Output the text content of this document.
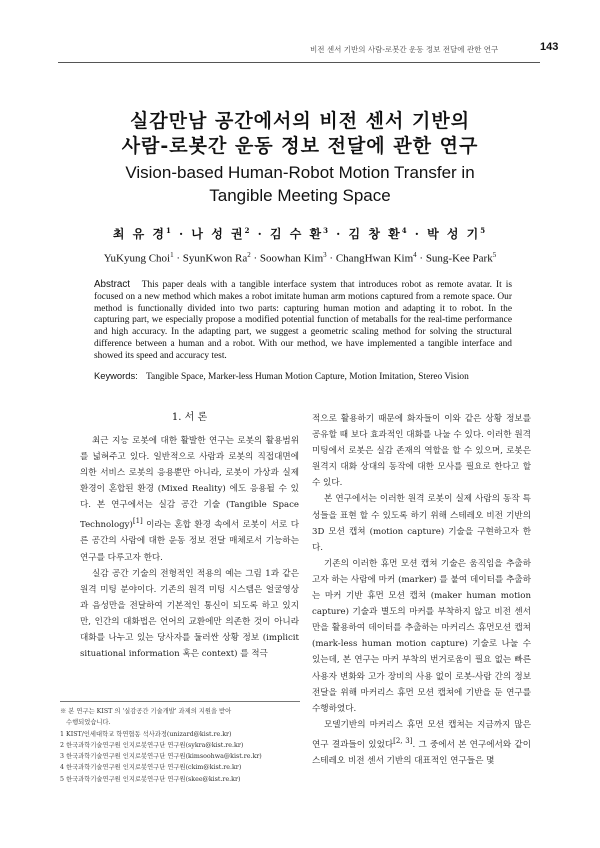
비전 센서 기반의 사람-로봇간 운동 정보 전달에 관한 연구	143
실감만남 공간에서의 비전 센서 기반의
사람-로봇간 운동 정보 전달에 관한 연구
Vision-based Human-Robot Motion Transfer in
Tangible Meeting Space
최 유 경$^1$ · 나 성 권$^2$ · 김 수 환$^3$ · 김 창 환$^4$ · 박 성 기$^5$
YuKyung Choi$^1$ · SyunKwon $Ra^2$ · Soowhan Kim$^3$ · ChangHwan Kim$^4$ · Sung-Kee Park$^5$
Abstract This paper deals with a tangible interface system that introduces robot as remote avatar. It is focused on a new method which makes a robot imitate human arm motions captured from a remote space. Our method is functionally divided into two parts: capturing human motion and adapting it to robot. In the capturing part, we especially propose a modified potential function of metaballs for the real-time performance and high accuracy. In the adapting part, we suggest a geometric scaling method for solving the structural difference between a human and a robot. With our method, we have implemented a tangible interface and showed its speed and accuracy test.
Keywords: Tangible Space, Marker-less Human Motion Capture, Motion Imitation, Stereo Vision
1. 서 론

최근 지능 로봇에 대한 활발한 연구는 로봇의 활용범위를 넓혀주고 있다. 일반적으로 사람과 로봇의 직접대면에 의한 서비스 로봇의 응용뿐만 아니라, 로봇이 가상과 실제 환경이 혼합된 환경 (Mixed Reality) 에도 응용될 수 있다. 본 연구에서는 실감 공간 기술 (Tangible Space Technology)[1] 이라는 혼합 환경 속에서 로봇이 서로 다른 공간의 사람에 대한 운동 정보 전달 매체로서 기능하는 연구를 다루고자 한다.

실감 공간 기술의 전형적인 적용의 예는 그림 1과 같은 원격 미팅 분야이다. 기존의 원격 미팅 시스템은 얼굴영상과 음성만을 전달하여 기본적인 통신이 되도록 하고 있지만, 인간의 대화법은 언어의 교환에만 의존한 것이 아니라 대화를 나누고 있는 당사자를 둘러싼 상황 정보 (implicit situational information 혹은 context) 를 적극

적으로 활용하기 때문에 화자들이 이와 같은 상황 정보를 공유할 때 보다 효과적인 대화를 나눌 수 있다. 이러한 원격 미팅에서 로봇은 실감 존재의 역할을 할 수 있으며, 로봇은 원격지 대화 상대의 동작에 대한 모사를 필요로 한다고 할 수 있다.

본 연구에서는 이러한 원격 로봇이 실제 사람의 동작 특성들을 표현 할 수 있도록 하기 위해 스테레오 비전 기반의 3D 모션 캡쳐 (motion capture) 기술을 구현하고자 한다.

기존의 이러한 휴먼 모션 캡쳐 기술은 움직임을 추출하고자 하는 사람에 마커 (marker) 를 붙여 데이터를 추출하는 마커 기반 휴먼 모션 캡쳐 (maker human motion capture) 기술과 별도의 마커를 부착하지 않고 비전 센서만을 활용하여 데이터를 추출하는 마커리스 휴먼모션 캡쳐 (mark-less human motion capture) 기술로 나눌 수 있는데, 본 연구는 마커 부착의 번거로움이 필요 없는 빠른 사용자 변화와 고가 장비의 사용 없이 로봇-사람 간의 정보전달을 위해 마커리스 휴먼 모션 캡쳐에 기반을 둔 연구를 수행하였다.

모델기반의 마커리스 휴먼 모션 캡쳐는 지금까지 많은 연구 결과들이 있었다[2, 3]. 그 중에서 본 연구에서와 같이 스테레오 비전 센서 기반의 대표적인 연구들은 몇

※ 본 연구는 KIST 의 '실감공간 기술개발' 과제의 지원을 받아
수행되었습니다.
1 KIST/인세대학교 학연협동 석사과정(unizard@kist.re.kr)
2 한국과학기술연구원 인지로봇연구단 연구원(sykra@kist.re.kr)
3 한국과학기술연구원 인지로봇연구단 연구원(kimsoohwa@kist.re.kr)
4 한국과학기술연구원 인지로봇연구단 연구원(ckim@kist.re.kr)
5 한국과학기술연구원 인지로봇연구단 연구원(skee@kist.re.kr)
